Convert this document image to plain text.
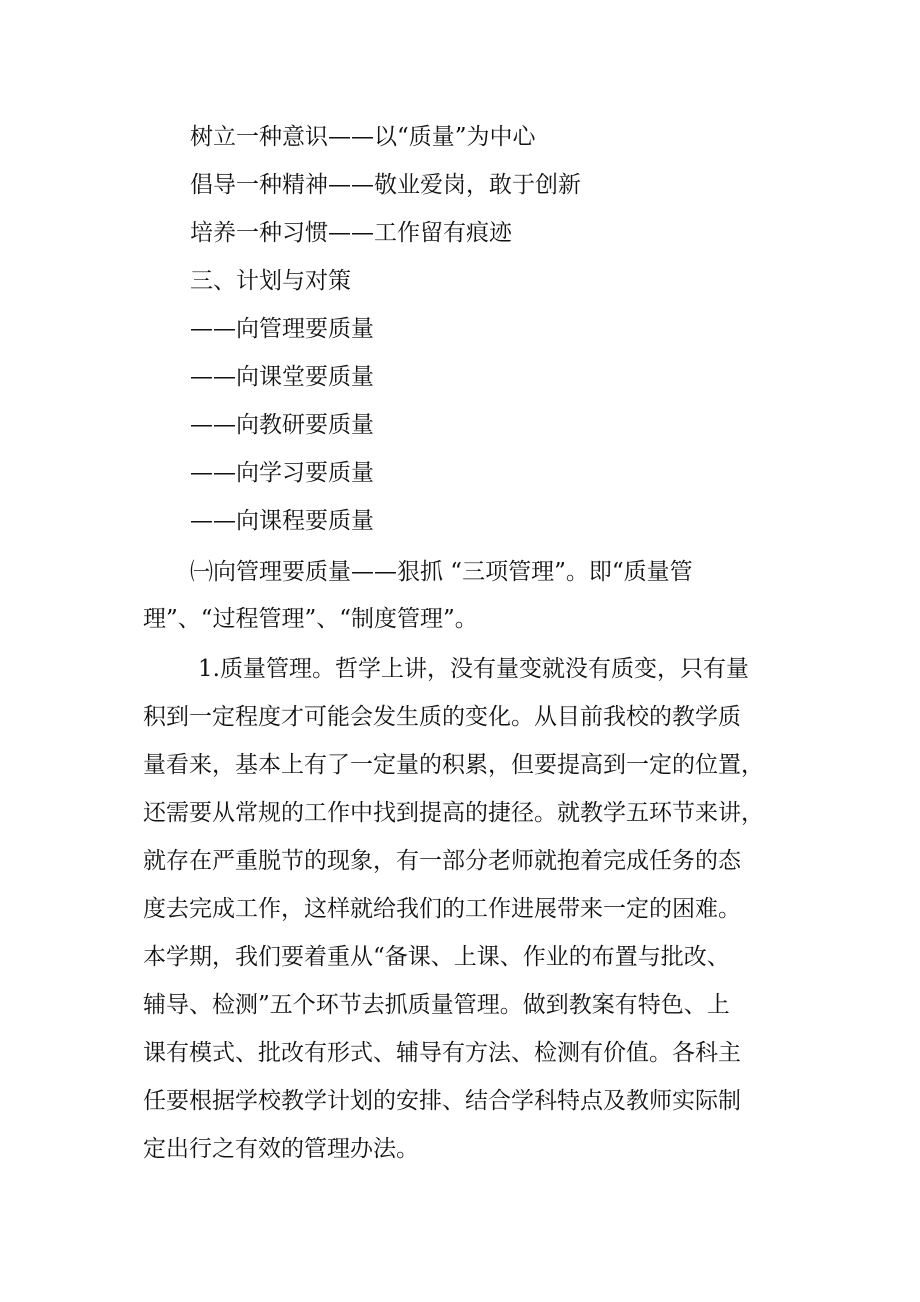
树立一种意识——以“质量”为中心
倡导一种精神——敬业爱岗，敢于创新
培养一种习惯——工作留有痕迹
三、计划与对策
——向管理要质量
——向课堂要质量
——向教研要质量
——向学习要质量
——向课程要质量
㈠向管理要质量——狠抓 “三项管理”。即“质量管
理”、“过程管理”、“制度管理”。
1.质量管理。哲学上讲，没有量变就没有质变，只有量
积到一定程度才可能会发生质的变化。从目前我校的教学质
量看来，基本上有了一定量的积累，但要提高到一定的位置，
还需要从常规的工作中找到提高的捷径。就教学五环节来讲，
就存在严重脱节的现象，有一部分老师就抱着完成任务的态
度去完成工作，这样就给我们的工作进展带来一定的困难。
本学期，我们要着重从“备课、上课、作业的布置与批改、
辅导、检测”五个环节去抓质量管理。做到教案有特色、上
课有模式、批改有形式、辅导有方法、检测有价值。各科主
任要根据学校教学计划的安排、结合学科特点及教师实际制
定出行之有效的管理办法。
